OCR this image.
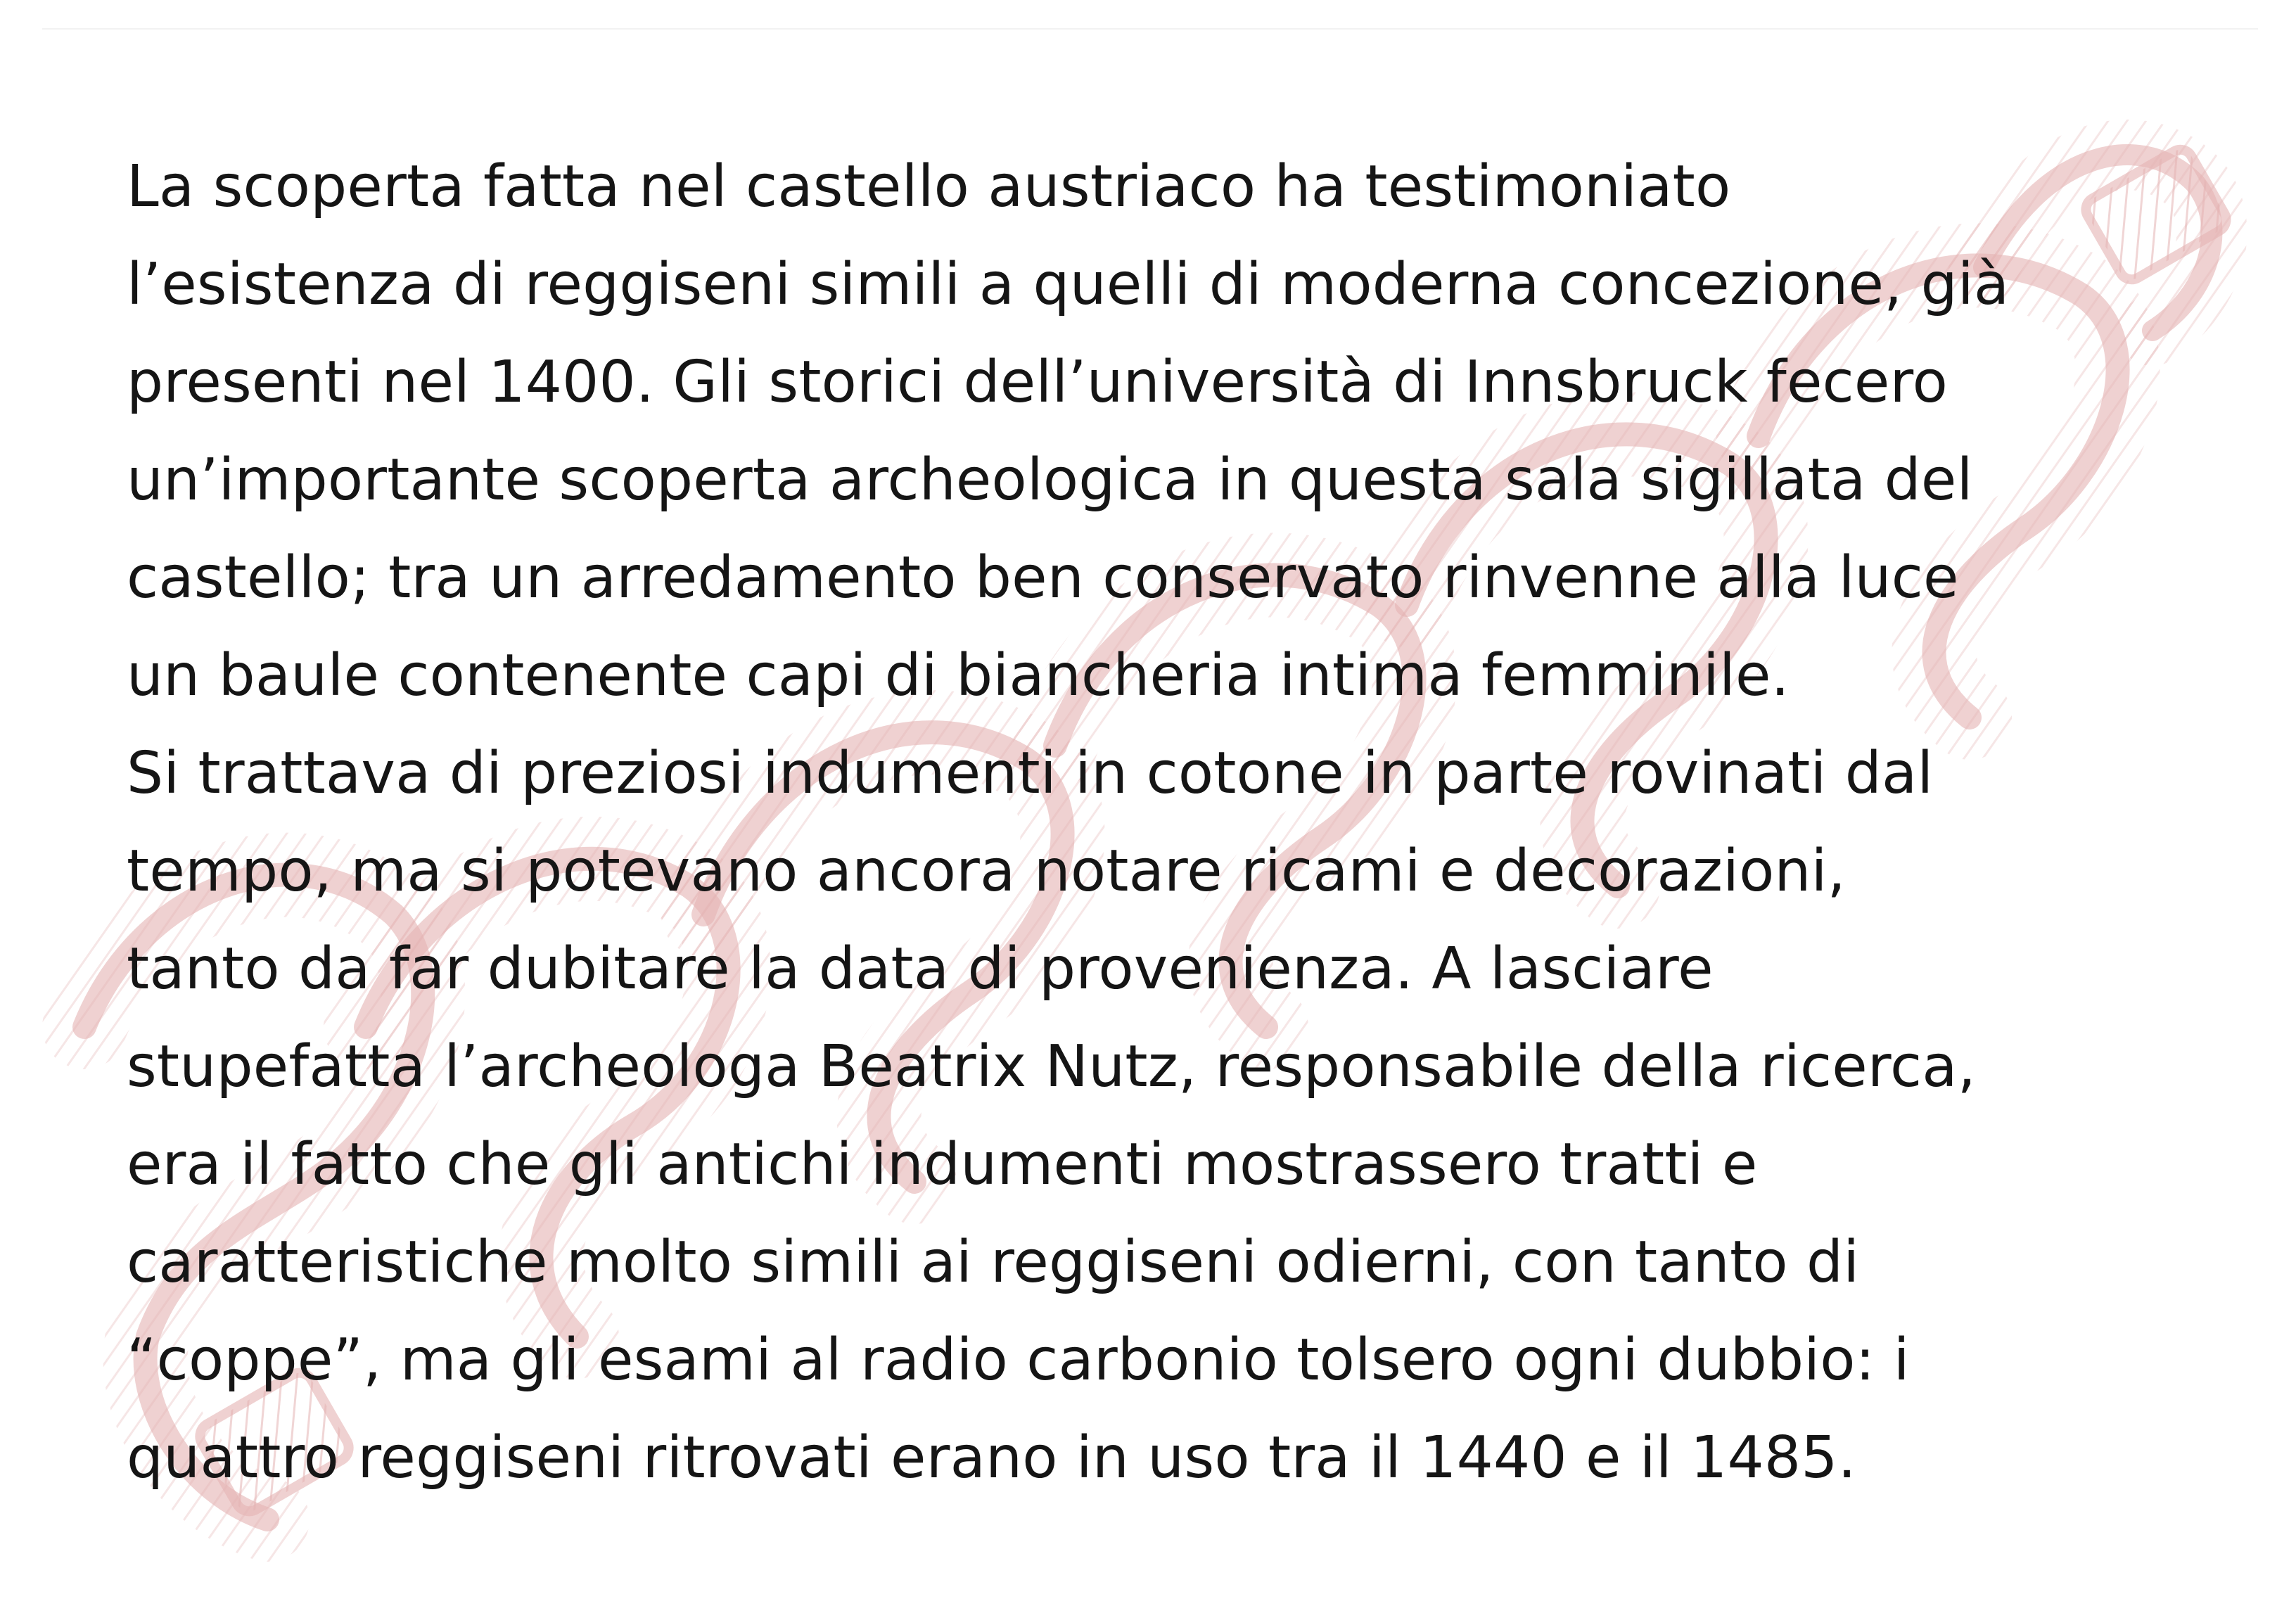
La scoperta fatta nel castello austriaco ha testimoniato
l’esistenza di reggiseni simili a quelli di moderna concezione, già
presenti nel 1400. Gli storici dell’università di Innsbruck fecero
un’importante scoperta archeologica in questa sala sigillata del
castello; tra un arredamento ben conservato rinvenne alla luce
un baule contenente capi di biancheria intima femminile.
Si trattava di preziosi indumenti in cotone in parte rovinati dal
tempo, ma si potevano ancora notare ricami e decorazioni,
tanto da far dubitare la data di provenienza. A lasciare
stupefatta l’archeologa Beatrix Nutz, responsabile della ricerca,
era il fatto che gli antichi indumenti mostrassero tratti e
caratteristiche molto simili ai reggiseni odierni, con tanto di
“coppe”, ma gli esami al radio carbonio tolsero ogni dubbio: i
quattro reggiseni ritrovati erano in uso tra il 1440 e il 1485.
